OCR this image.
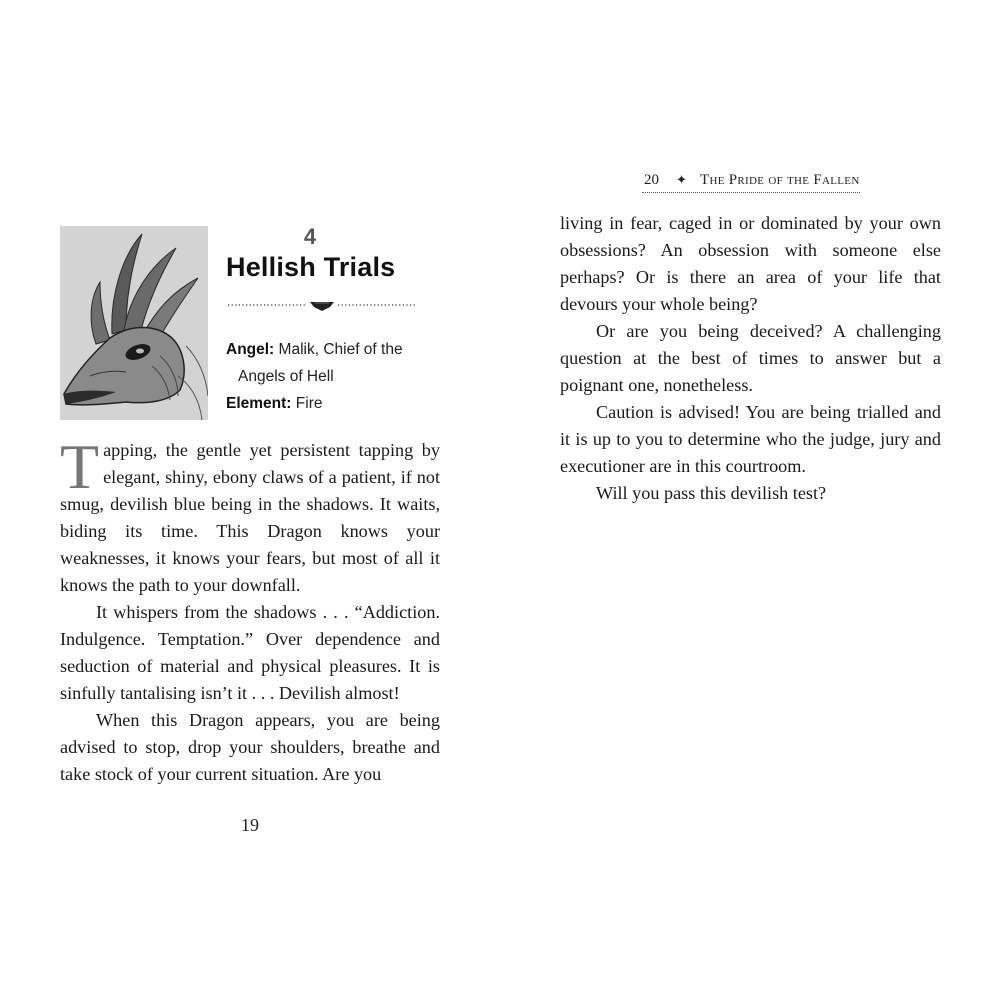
4
Hellish Trials
Angel: Malik, Chief of the
Angels of Hell
Element: Fire

Tapping, the gentle yet persistent tapping by elegant, shiny, ebony claws of a patient, if not smug, devilish blue being in the shadows. It waits, biding its time. This Dragon knows your weaknesses, it knows your fears, but most of all it knows the path to your downfall.

It whispers from the shadows . . . “Addiction. Indulgence. Temptation.” Over dependence and seduction of material and physical pleasures. It is sinfully tantalising isn’t it . . . Devilish almost!

When this Dragon appears, you are being advised to stop, drop your shoulders, breathe and take stock of your current situation. Are you

19
20 ✦ The Pride of the Fallen

living in fear, caged in or dominated by your own obsessions? An obsession with someone else perhaps? Or is there an area of your life that devours your whole being?

Or are you being deceived? A challenging question at the best of times to answer but a poignant one, nonetheless.

Caution is advised! You are being trialled and it is up to you to determine who the judge, jury and executioner are in this courtroom.

Will you pass this devilish test?
